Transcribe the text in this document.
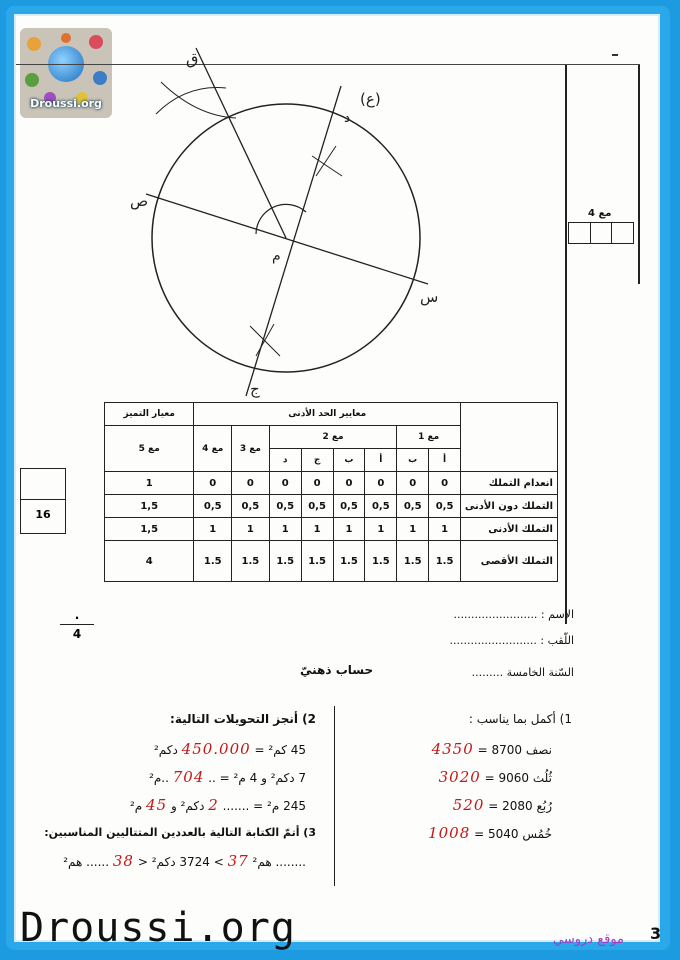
Droussi.org
مع 4
ق
(ع)
د
ص
م
س
ج
	معايير الحد الأدنى								معيار التميز
	مع 1		مع 2				مع 3	مع 4	مع 5
	أ	ب	أ	ب	ج	د			
انعدام التملك	0	0	0	0	0	0	0	0	1
التملك دون الأدنى	0,5	0,5	0,5	0,5	0,5	0,5	0,5	0,5	1,5
التملك الأدنى	1	1	1	1	1	1	1	1	1,5
التملك الأقصى	1.5	1.5	1.5	1.5	1.5	1.5	1.5	1.5	4
16
.
4
الاسم : ........................
اللّقب : .........................
السّنة الخامسة .........
حساب ذهنيّ
1) أكمل بما يناسب :
نصف 8700 = 4350
ثُلُث 9060 = 3020
رُبُع 2080 = 520
خُمُس 5040 = 1008
2) أنجز التحويلات التالية:
45 كم² = 450.000 دكم²
7 دكم² و 4 م² = .. 704 ..م²
245 م² = ....... 2 دكم² و 45 م²
3) أتمّ الكتابة التالية بالعددين المتتاليين المناسبين:
........ هم² 37 > 3724 دكم² < 38 ...... هم²
موقع دروسي 3
Droussi.org
